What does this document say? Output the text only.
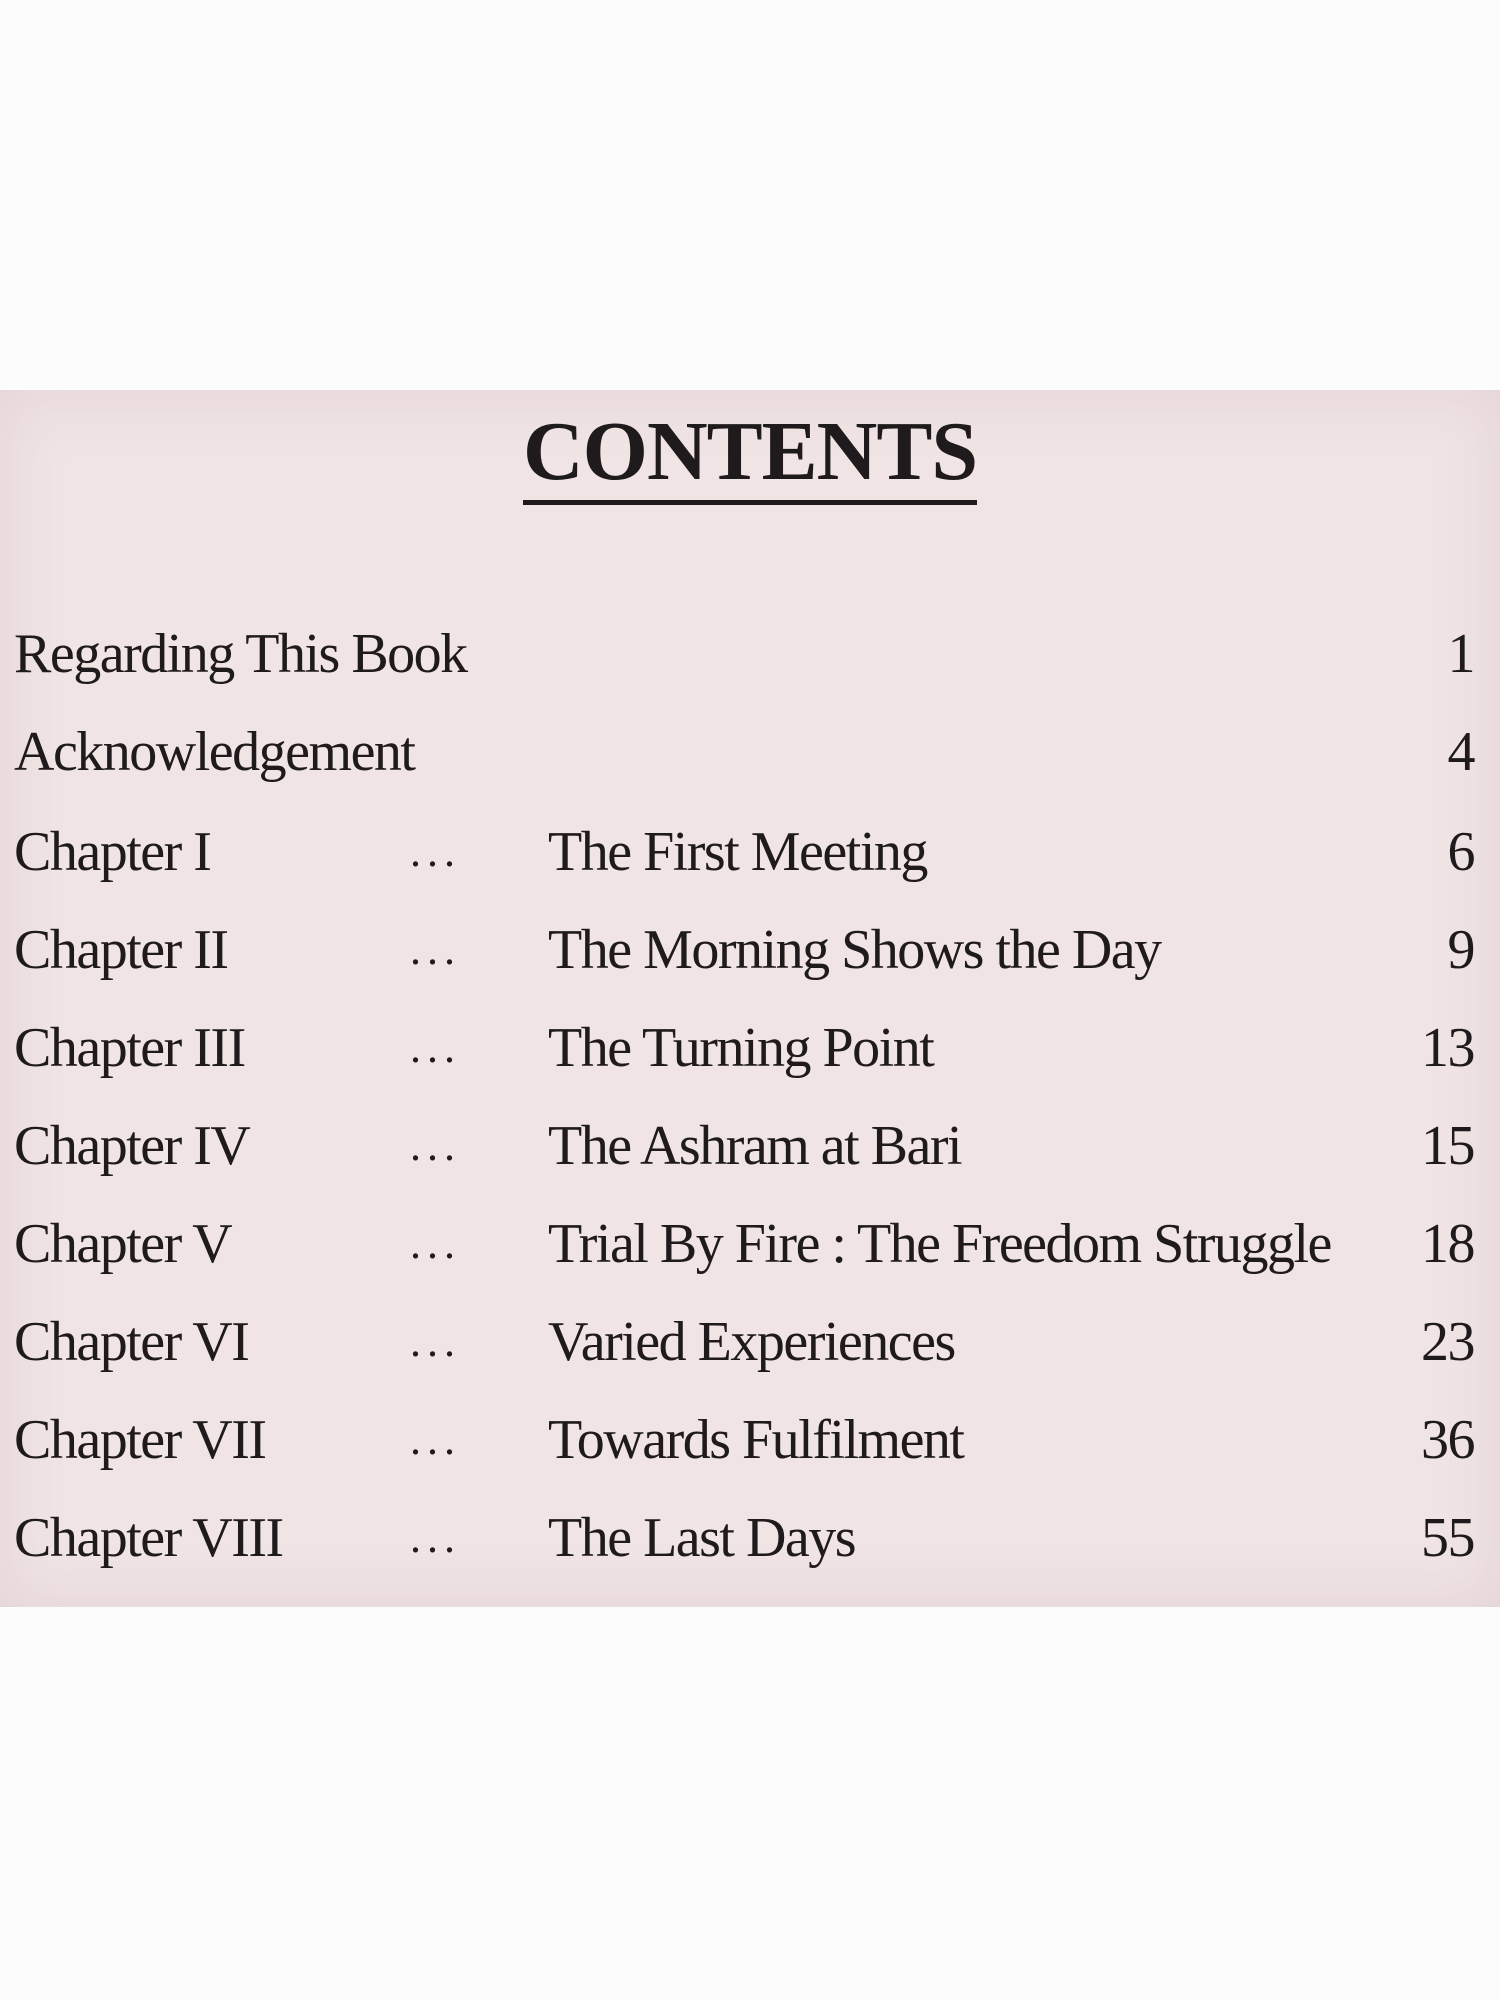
CONTENTS
Regarding This Book	1
Acknowledgement	4
Chapter I	... The First Meeting	6
Chapter II	... The Morning Shows the Day	9
Chapter III	... The Turning Point	13
Chapter IV	... The Ashram at Bari	15
Chapter V	... Trial By Fire : The Freedom Struggle 18
Chapter VI	... Varied Experiences	23
Chapter VII	... Towards Fulfilment	36
Chapter VIII	... The Last Days	55
